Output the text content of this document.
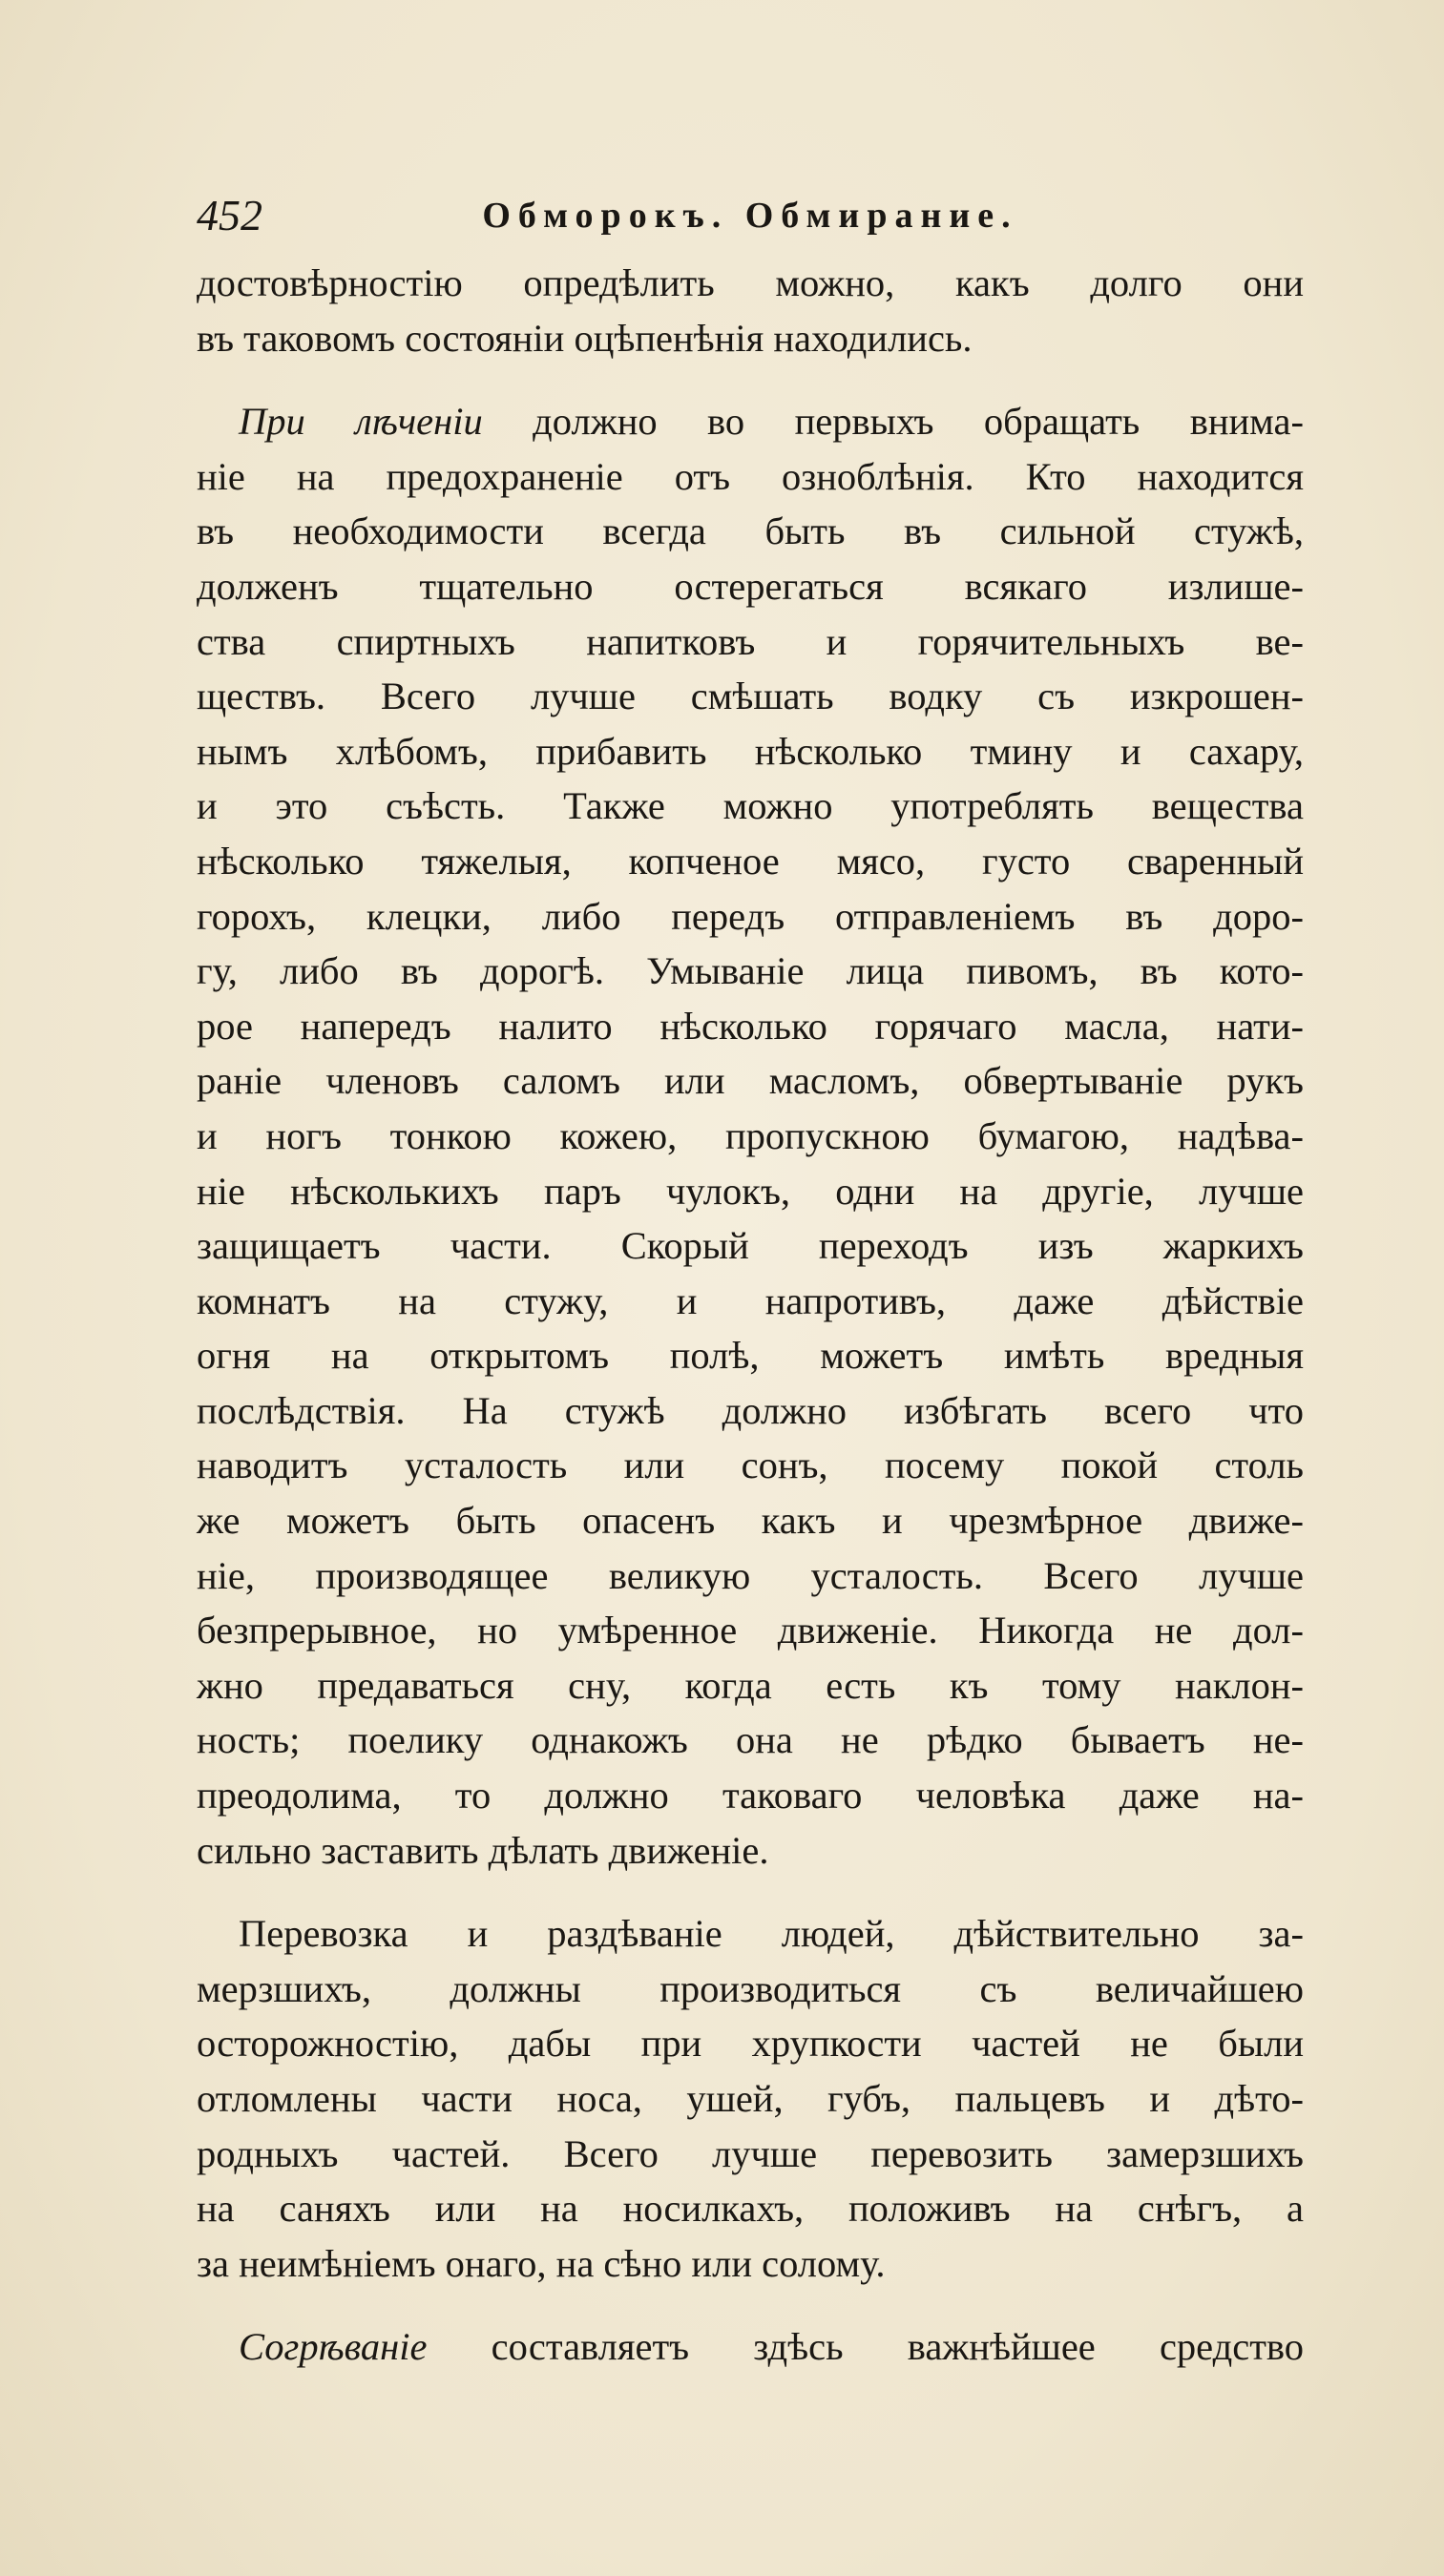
452	Обморокъ. Обмирание.
достовѣрностію опредѣлить можно, какъ долго они
въ таковомъ состояніи оцѣпенѣнія находились.
При лѣченіи должно во первыхъ обращать внима-
ніе на предохраненіе отъ озноблѣнія. Кто находится
въ необходимости всегда быть въ сильной стужѣ,
долженъ тщательно остерегаться всякаго излише-
ства спиртныхъ напитковъ и горячительныхъ ве-
ществъ. Всего лучше смѣшать водку съ изкрошен-
нымъ хлѣбомъ, прибавить нѣсколько тмину и сахару,
и это съѣсть. Также можно употреблять вещества
нѣсколько тяжелыя, копченое мясо, густо сваренный
горохъ, клецки, либо передъ отправленіемъ въ доро-
гу, либо въ дорогѣ. Умываніе лица пивомъ, въ кото-
рое напередъ налито нѣсколько горячаго масла, нати-
раніе членовъ саломъ или масломъ, обвертываніе рукъ
и ногъ тонкою кожею, пропускною бумагою, надѣва-
ніе нѣсколькихъ паръ чулокъ, одни на другіе, лучше
защищаетъ части. Скорый переходъ изъ жаркихъ
комнатъ на стужу, и напротивъ, даже дѣйствіе
огня на открытомъ полѣ, можетъ имѣть вредныя
послѣдствія. На стужѣ должно избѣгать всего что
наводитъ усталость или сонъ, посему покой столь
же можетъ быть опасенъ какъ и чрезмѣрное движе-
ніе, производящее великую усталость. Всего лучше
безпрерывное, но умѣренное движеніе. Никогда не дол-
жно предаваться сну, когда есть къ тому наклон-
ность; поелику однакожъ она не рѣдко бываетъ не-
преодолима, то должно таковаго человѣка даже на-
сильно заставить дѣлать движеніе.
Перевозка и раздѣваніе людей, дѣйствительно за-
мерзшихъ, должны производиться съ величайшею
осторожностію, дабы при хрупкости частей не были
отломлены части носа, ушей, губъ, пальцевъ и дѣто-
родныхъ частей. Всего лучше перевозить замерзшихъ
на саняхъ или на носилкахъ, положивъ на снѣгъ, а
за неимѣніемъ онаго, на сѣно или солому.
Согрѣваніе составляетъ здѣсь важнѣйшее средство
